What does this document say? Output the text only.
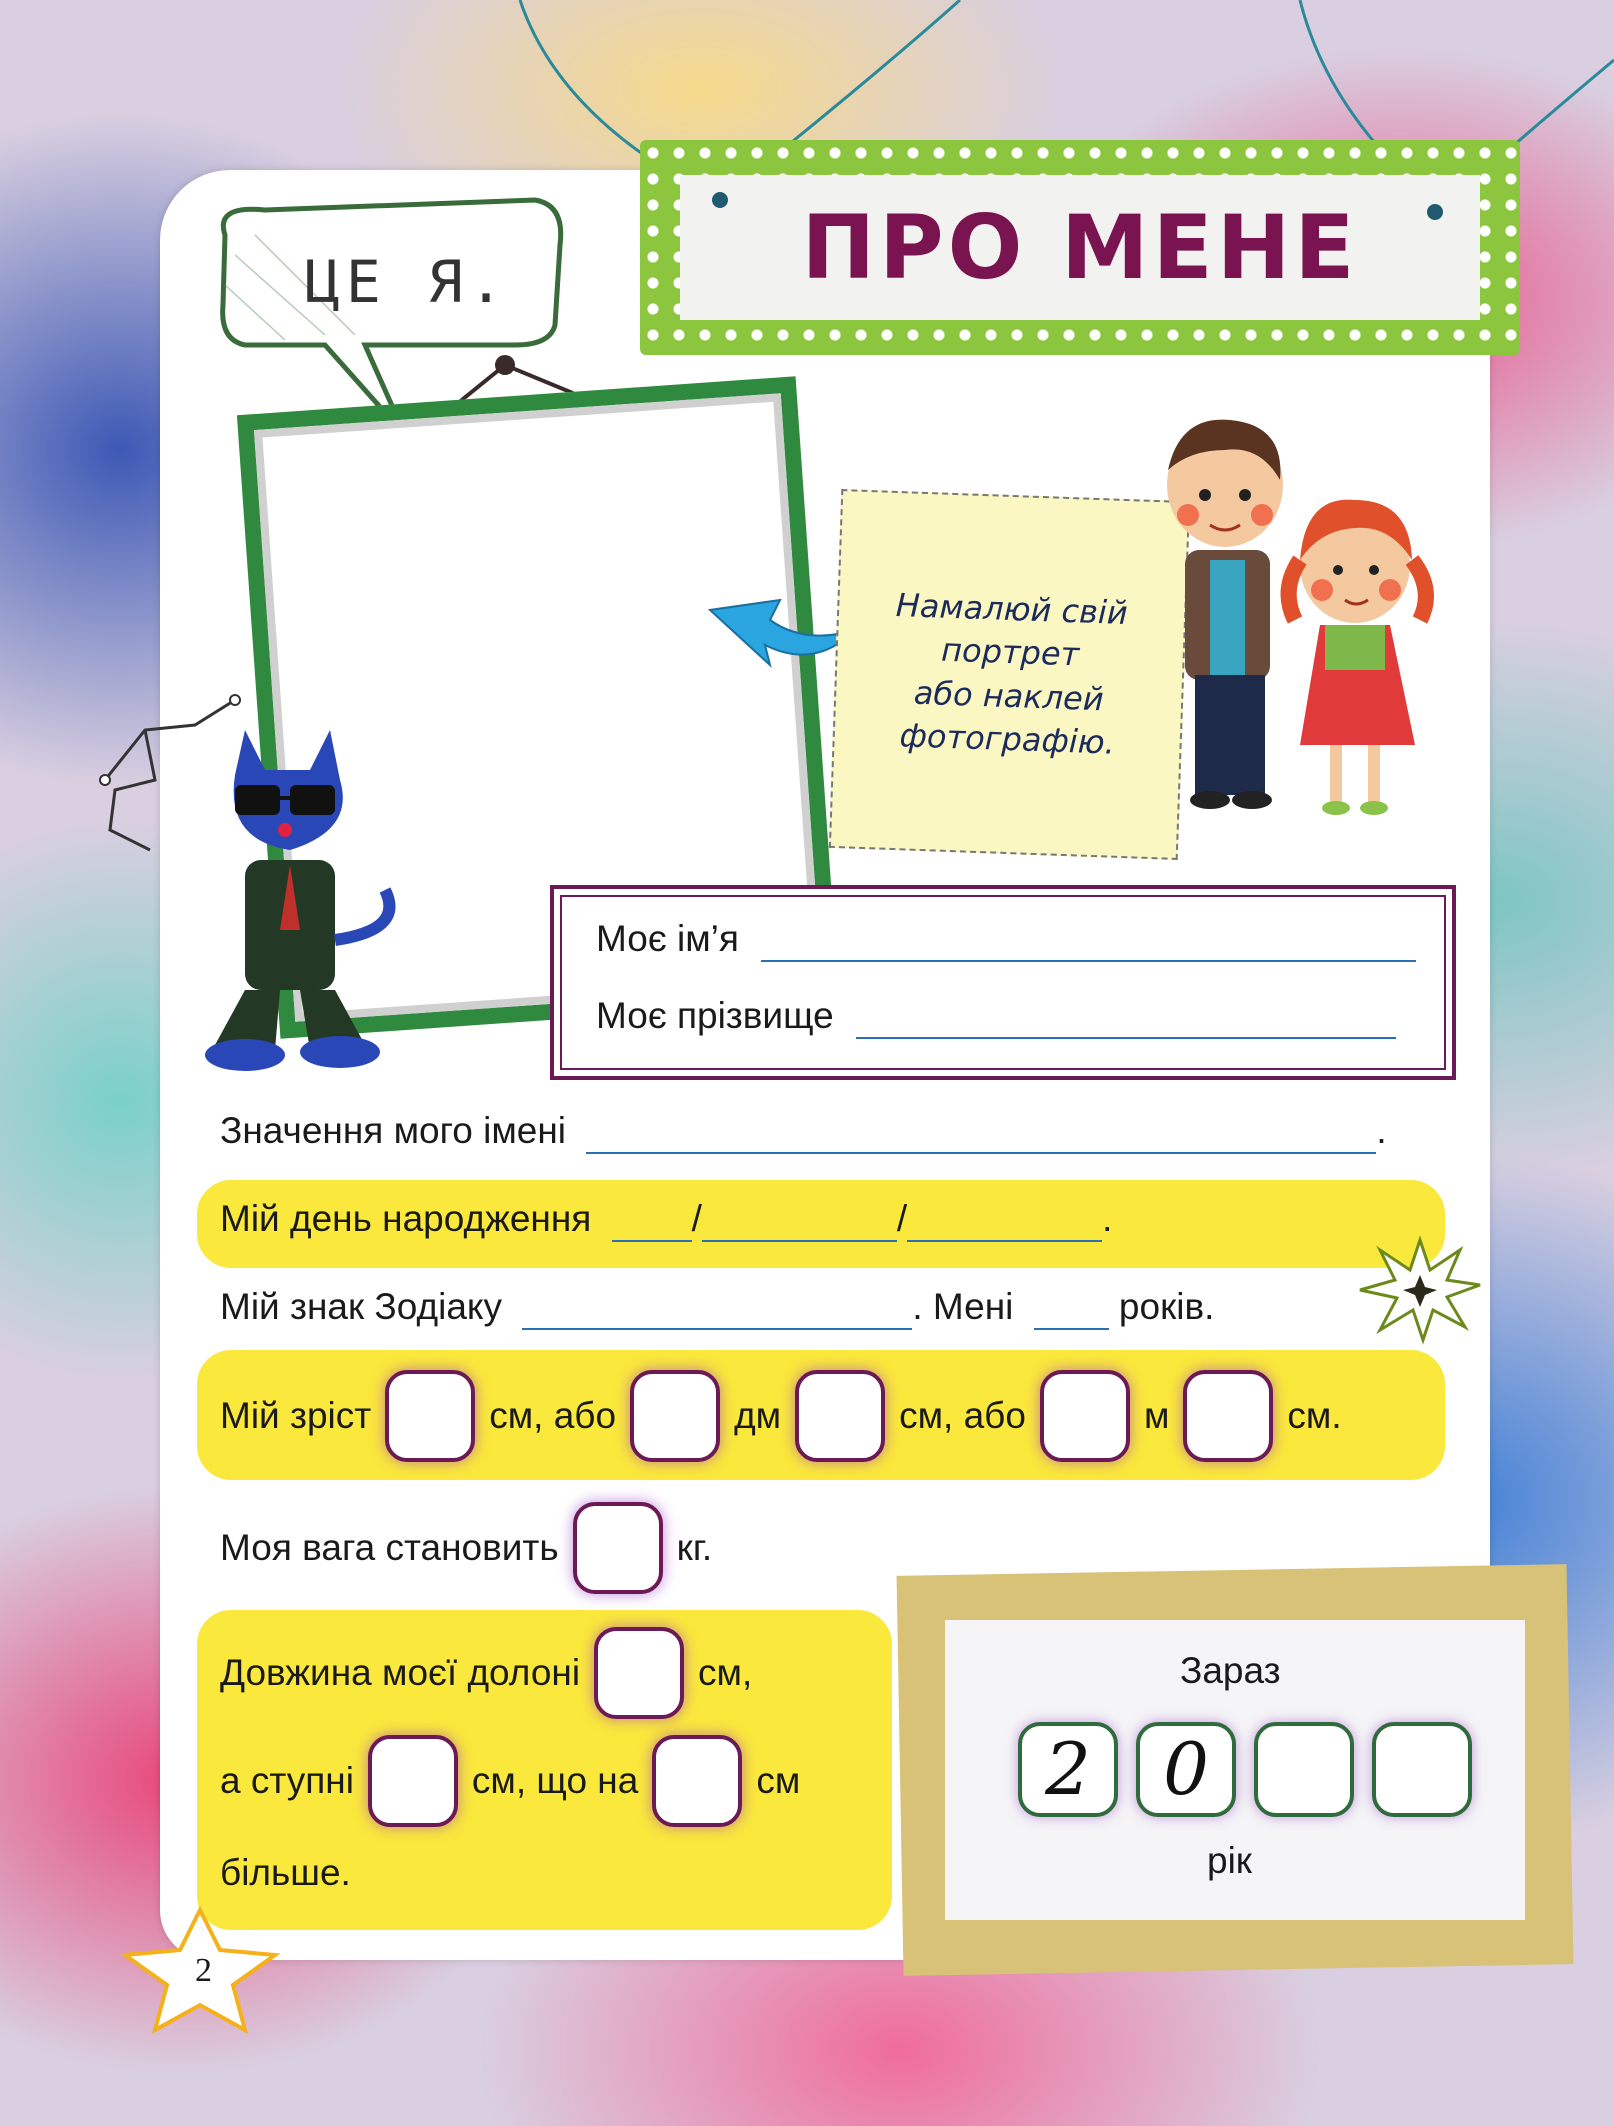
ПРО МЕНЕ
ЦЕ Я.
Намалюй свій
портрет
або наклей
фотографію.
Моє ім’я
Моє прізвище
Значення мого імені	.
Мій день народження	/	/	.
Мій знак Зодіаку	. Мені	років.
Мій зріст	см, або	дм	см, або	м	см.
Моя вага становить	кг.
Довжина моєї долоні	см,
а ступні	см, що на	см
більше.
Зараз
2 0
рік
2
